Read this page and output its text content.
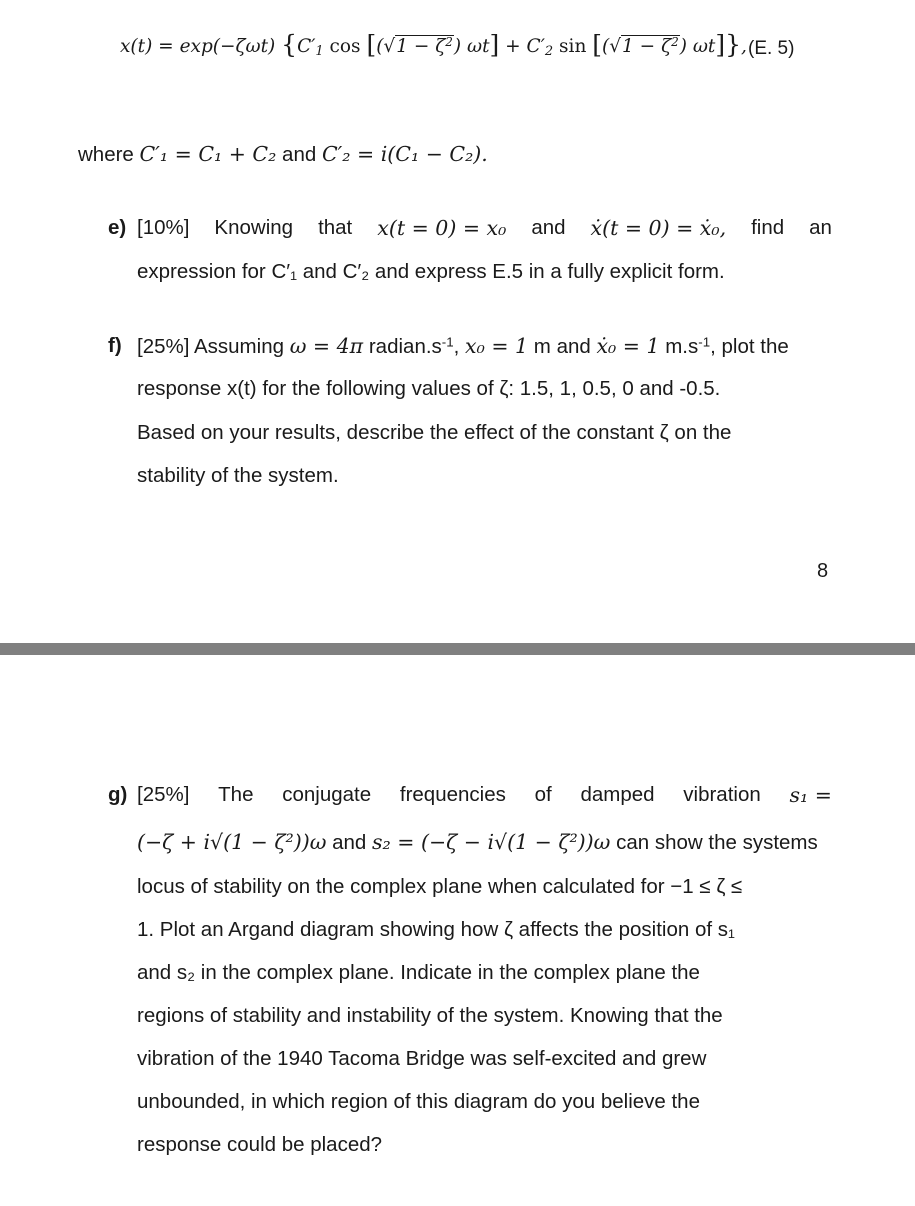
x(t) = exp(−ζωt) {$C'_1$ $\cos [(√1 - \zeta^2)$ $\omega t] + C'_2$ $\sin [(√1 - \zeta^2)$ ωt]}, (E. 5)
where C′₁ = C₁ + C₂ and C′₂ = i(C₁ − C₂).
e) [10%] Knowing that x(t = 0) = x₀ and ẋ(t = 0) = ẋ₀, find an
expression for C′₁ and C′₂ and express E.5 in a fully explicit form.
f) [25%] Assuming ω = 4π $radian.s^{-1}$, x₀ = 1 m and ẋ₀ = 1 $m.s^{-1}$, plot the
response x(t) for the following values of ζ: 1.5, 1, 0.5, 0 and -0.5.
Based on your results, describe the effect of the constant ζ on the
stability of the system.
8
g) [25%] The conjugate frequencies of damped vibration s₁ =
(−ζ + i√(1 − ζ²))ω and s₂ = (−ζ − i√(1 − ζ²))ω can show the systems
locus of stability on the complex plane when calculated for −1 ≤ ζ ≤
1. Plot an Argand diagram showing how ζ affects the position of s₁
and s₂ in the complex plane. Indicate in the complex plane the
regions of stability and instability of the system. Knowing that the
vibration of the 1940 Tacoma Bridge was self-excited and grew
unbounded, in which region of this diagram do you believe the
response could be placed?
